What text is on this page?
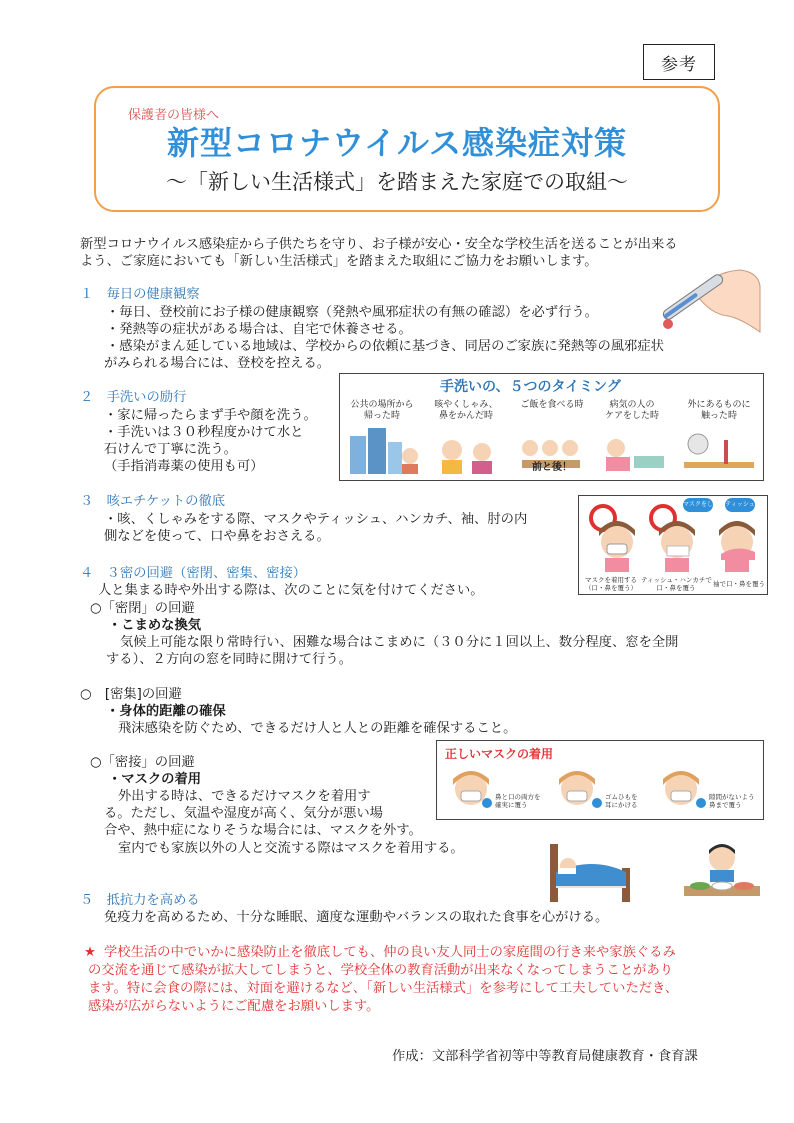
参考
保護者の皆様へ
新型コロナウイルス感染症対策
〜「新しい生活様式」を踏まえた家庭での取組〜
新型コロナウイルス感染症から子供たちを守り、お子様が安心・安全な学校生活を送ることが出来る
よう、ご家庭においても「新しい生活様式」を踏まえた取組にご協力をお願いします。
１　毎日の健康観察
・毎日、登校前にお子様の健康観察（発熱や風邪症状の有無の確認）を必ず行う。
・発熱等の症状がある場合は、自宅で休養させる。
・感染がまん延している地域は、学校からの依頼に基づき、同居のご家族に発熱等の風邪症状
がみられる場合には、登校を控える。
２　手洗いの励行
・家に帰ったらまず手や顔を洗う。
・手洗いは３０秒程度かけて水と
石けんで丁寧に洗う。
（手指消毒薬の使用も可）
手洗いの、５つのタイミング
公共の場所から
帰った時
咳やくしゃみ、
鼻をかんだ時
ご飯を食べる時	病気の人の
ケアをした時
外にあるものに
触った時
前と後！
３　咳エチケットの徹底
・咳、くしゃみをする際、マスクやティッシュ、ハンカチ、袖、肘の内
側などを使って、口や鼻をおさえる。
マスクをしよう
ティッシュで
マスクを着用する
（口・鼻を覆う）
ティッシュ・ハンカチで
口・鼻を覆う	袖で口・鼻を覆う
４　３密の回避（密閉、密集、密接）
人と集まる時や外出する際は、次のことに気を付けてください。
○「密閉」の回避
・こまめな換気
気候上可能な限り常時行い、困難な場合はこまめに（３０分に１回以上、数分程度、窓を全開
する）、２方向の窓を同時に開けて行う。
○　[密集]の回避
・身体的距離の確保
飛沫感染を防ぐため、できるだけ人と人との距離を確保すること。
○「密接」の回避
・マスクの着用
外出する時は、できるだけマスクを着用す
る。ただし、気温や湿度が高く、気分が悪い場
合や、熱中症になりそうな場合には、マスクを外す。
室内でも家族以外の人と交流する際はマスクを着用する。
正しいマスクの着用
鼻と口の両方を
確実に覆う
ゴムひもを
耳にかける
隙間がないよう
鼻まで覆う
５　抵抗力を高める
免疫力を高めるため、十分な睡眠、適度な運動やバランスの取れた食事を心がける。
★ 学校生活の中でいかに感染防止を徹底しても、仲の良い友人同士の家庭間の行き来や家族ぐるみ
の交流を通じて感染が拡大してしまうと、学校全体の教育活動が出来なくなってしまうことがあり
ます。特に会食の際には、対面を避けるなど、「新しい生活様式」を参考にして工夫していただき、
感染が広がらないようにご配慮をお願いします。
作成：文部科学省初等中等教育局健康教育・食育課
